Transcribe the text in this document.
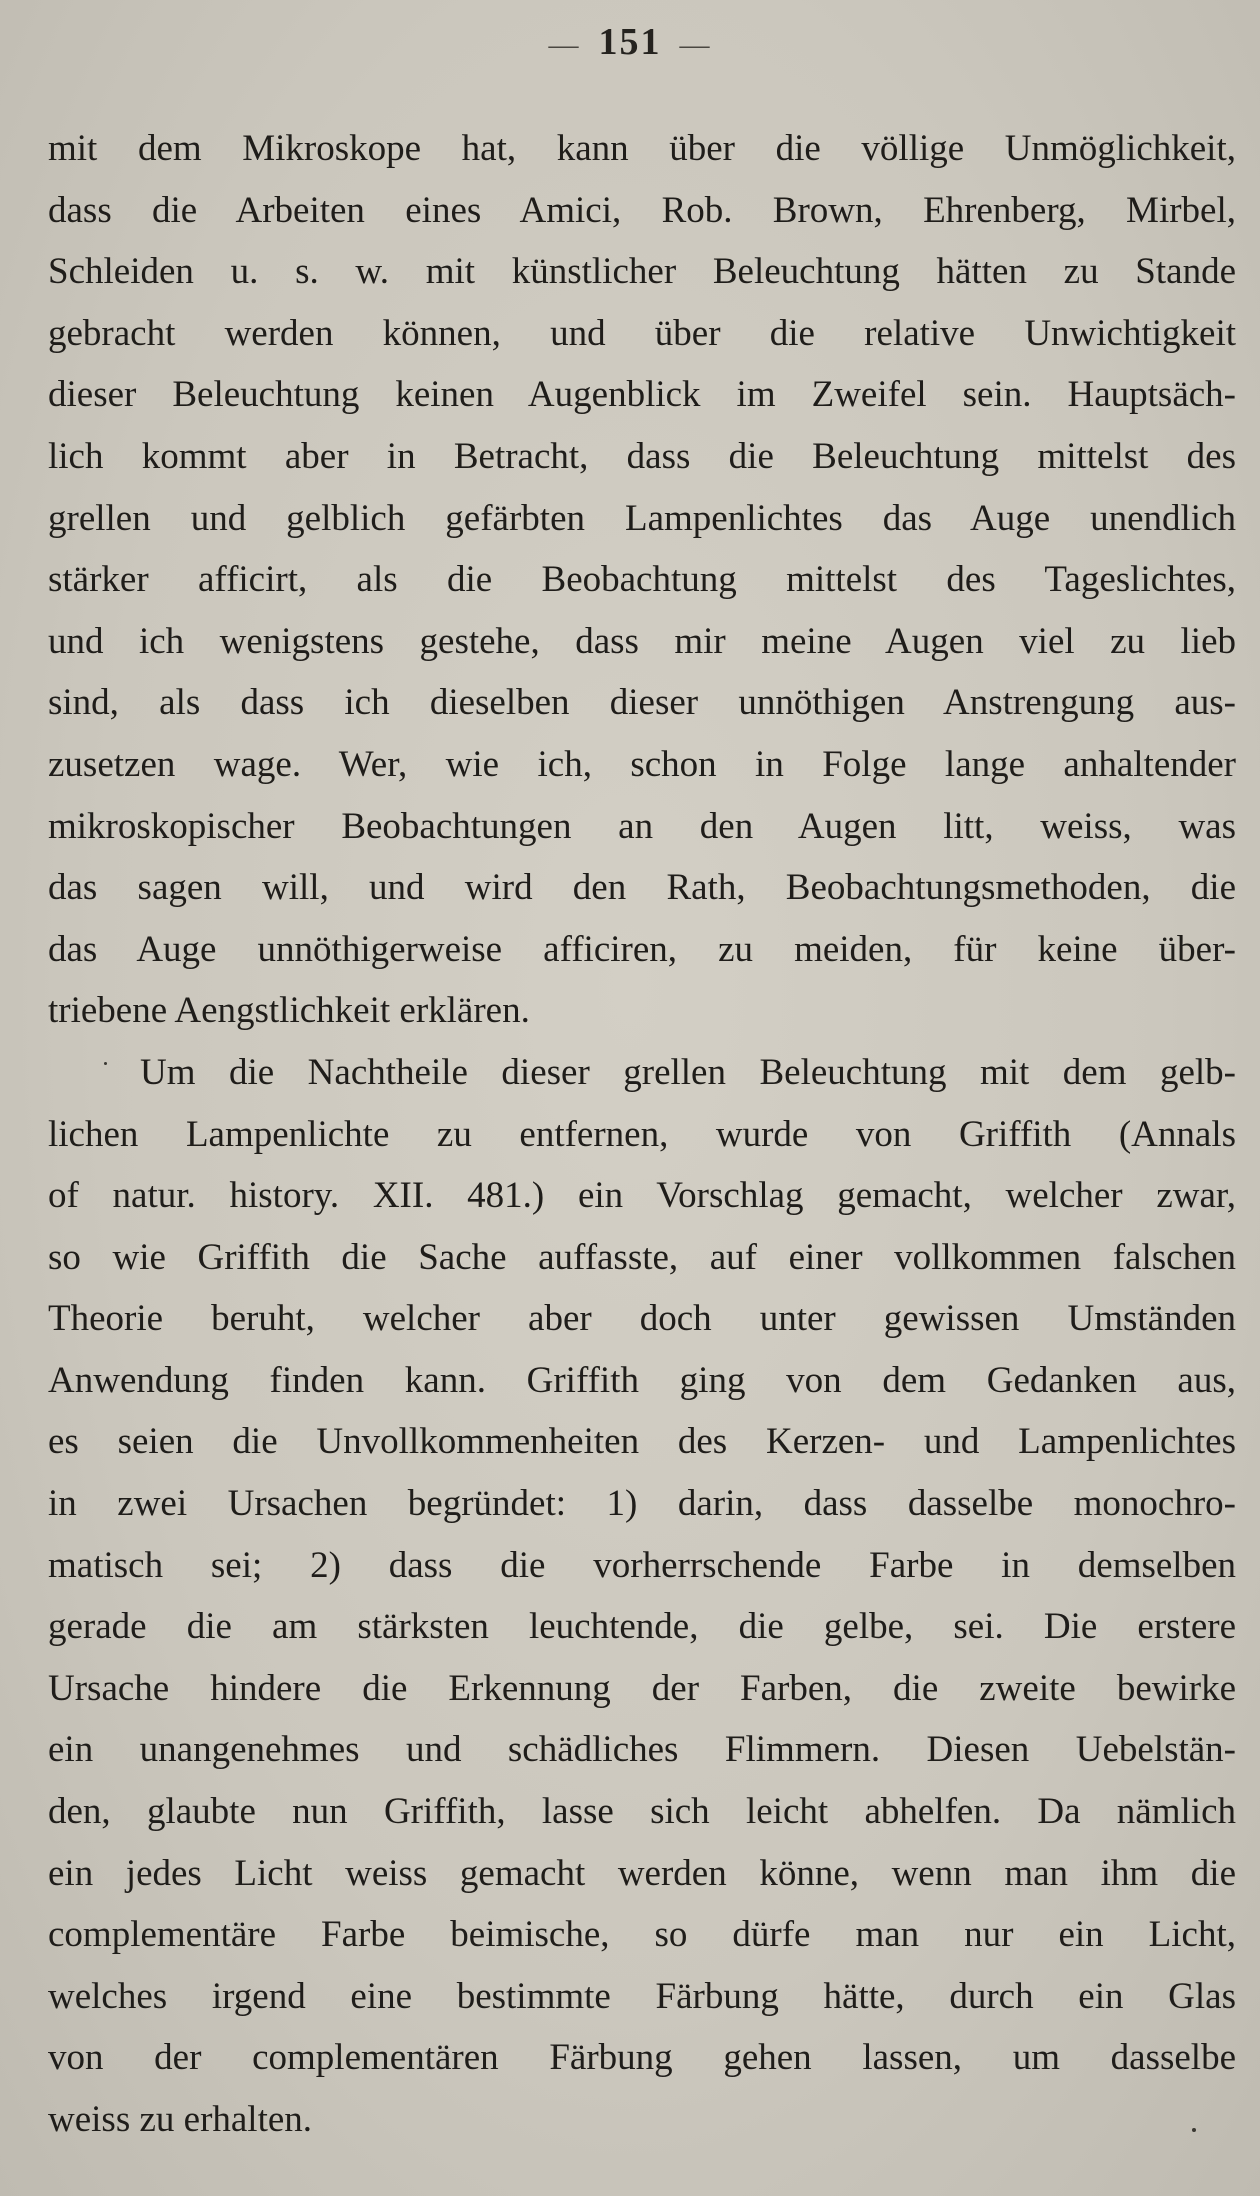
— 151 —
mit dem Mikroskope hat, kann über die völlige Unmöglichkeit,
dass die Arbeiten eines Amici, Rob. Brown, Ehrenberg, Mirbel,
Schleiden u. s. w. mit künstlicher Beleuchtung hätten zu Stande
gebracht werden können, und über die relative Unwichtigkeit
dieser Beleuchtung keinen Augenblick im Zweifel sein. Hauptsäch-
lich kommt aber in Betracht, dass die Beleuchtung mittelst des
grellen und gelblich gefärbten Lampenlichtes das Auge unendlich
stärker afficirt, als die Beobachtung mittelst des Tageslichtes,
und ich wenigstens gestehe, dass mir meine Augen viel zu lieb
sind, als dass ich dieselben dieser unnöthigen Anstrengung aus-
zusetzen wage. Wer, wie ich, schon in Folge lange anhaltender
mikroskopischer Beobachtungen an den Augen litt, weiss, was
das sagen will, und wird den Rath, Beobachtungsmethoden, die
das Auge unnöthigerweise afficiren, zu meiden, für keine über-
triebene Aengstlichkeit erklären.
Um die Nachtheile dieser grellen Beleuchtung mit dem gelb-
lichen Lampenlichte zu entfernen, wurde von Griffith (Annals
of natur. history. XII. 481.) ein Vorschlag gemacht, welcher zwar,
so wie Griffith die Sache auffasste, auf einer vollkommen falschen
Theorie beruht, welcher aber doch unter gewissen Umständen
Anwendung finden kann. Griffith ging von dem Gedanken aus,
es seien die Unvollkommenheiten des Kerzen- und Lampenlichtes
in zwei Ursachen begründet: 1) darin, dass dasselbe monochro-
matisch sei; 2) dass die vorherrschende Farbe in demselben
gerade die am stärksten leuchtende, die gelbe, sei. Die erstere
Ursache hindere die Erkennung der Farben, die zweite bewirke
ein unangenehmes und schädliches Flimmern. Diesen Uebelstän-
den, glaubte nun Griffith, lasse sich leicht abhelfen. Da nämlich
ein jedes Licht weiss gemacht werden könne, wenn man ihm die
complementäre Farbe beimische, so dürfe man nur ein Licht,
welches irgend eine bestimmte Färbung hätte, durch ein Glas
von der complementären Färbung gehen lassen, um dasselbe
weiss zu erhalten.
